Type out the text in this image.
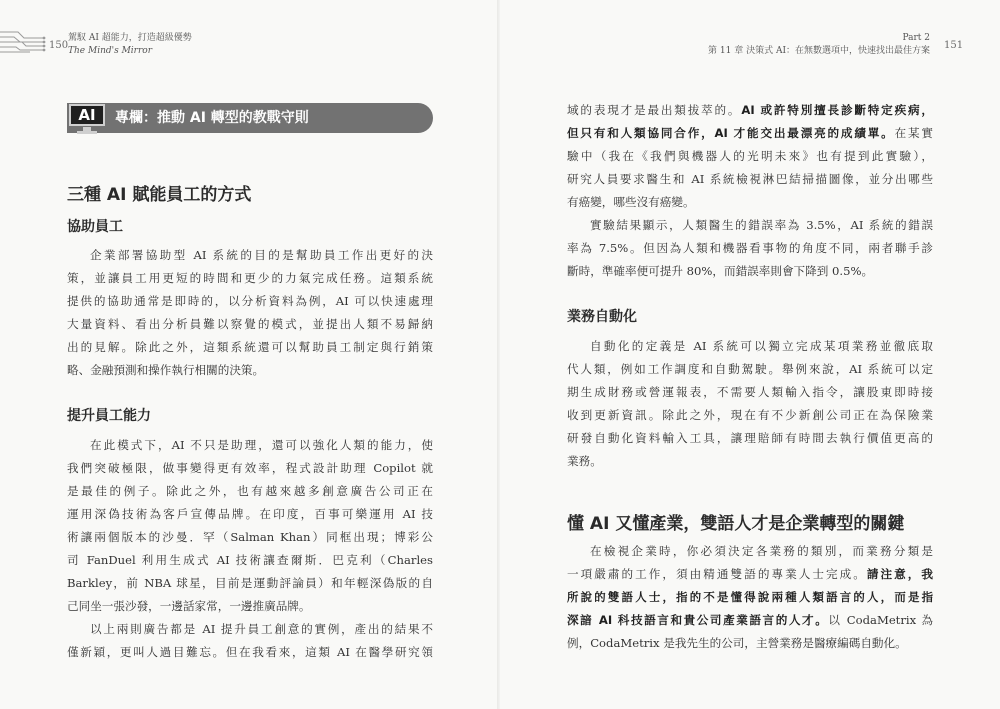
150
駕馭 AI 超能力，打造超級優勢
The Mind's Mirror
AI	專欄：推動 AI 轉型的教戰守則
三種 AI 賦能員工的方式
協助員工
企業部署協助型 AI 系統的目的是幫助員工作出更好的決
策，並讓員工用更短的時間和更少的力氣完成任務。這類系統
提供的協助通常是即時的，以分析資料為例，AI 可以快速處理
大量資料、看出分析員難以察覺的模式，並提出人類不易歸納
出的見解。除此之外，這類系統還可以幫助員工制定與行銷策
略、金融預測和操作執行相關的決策。
提升員工能力
在此模式下，AI 不只是助理，還可以強化人類的能力，使
我們突破極限，做事變得更有效率，程式設計助理 Copilot 就
是最佳的例子。除此之外，也有越來越多創意廣告公司正在
運用深偽技術為客戶宣傳品牌。在印度，百事可樂運用 AI 技
術讓兩個版本的沙曼．罕（Salman Khan）同框出現；博彩公
司 FanDuel 利用生成式 AI 技術讓查爾斯．巴克利（Charles
Barkley，前 NBA 球星，目前是運動評論員）和年輕深偽版的自
己同坐一張沙發，一邊話家常，一邊推廣品牌。
以上兩則廣告都是 AI 提升員工創意的實例，產出的結果不
僅新穎，更叫人過目難忘。但在我看來，這類 AI 在醫學研究領
Part 2
第 11 章 決策式 AI：在無數選項中，快速找出最佳方案 151
域的表現才是最出類拔萃的。AI 或許特別擅長診斷特定疾病，
但只有和人類協同合作，AI 才能交出最漂亮的成績單。在某實
驗中（我在《我們與機器人的光明未來》也有提到此實驗），
研究人員要求醫生和 AI 系統檢視淋巴結掃描圖像，並分出哪些
有癌變，哪些沒有癌變。
實驗結果顯示，人類醫生的錯誤率為 3.5%，AI 系統的錯誤
率為 7.5%。但因為人類和機器看事物的角度不同，兩者聯手診
斷時，準確率便可提升 80%，而錯誤率則會下降到 0.5%。
業務自動化
自動化的定義是 AI 系統可以獨立完成某項業務並徹底取
代人類，例如工作調度和自動駕駛。舉例來說，AI 系統可以定
期生成財務或營運報表，不需要人類輸入指令，讓股東即時接
收到更新資訊。除此之外，現在有不少新創公司正在為保險業
研發自動化資料輸入工具，讓理賠師有時間去執行價值更高的
業務。
懂 AI 又懂產業，雙語人才是企業轉型的關鍵
在檢視企業時，你必須決定各業務的類別，而業務分類是
一項嚴肅的工作，須由精通雙語的專業人士完成。請注意，我
所說的雙語人士，指的不是懂得說兩種人類語言的人，而是指
深諳 AI 科技語言和貴公司產業語言的人才。以 CodaMetrix 為
例，CodaMetrix 是我先生的公司，主營業務是醫療編碼自動化。
